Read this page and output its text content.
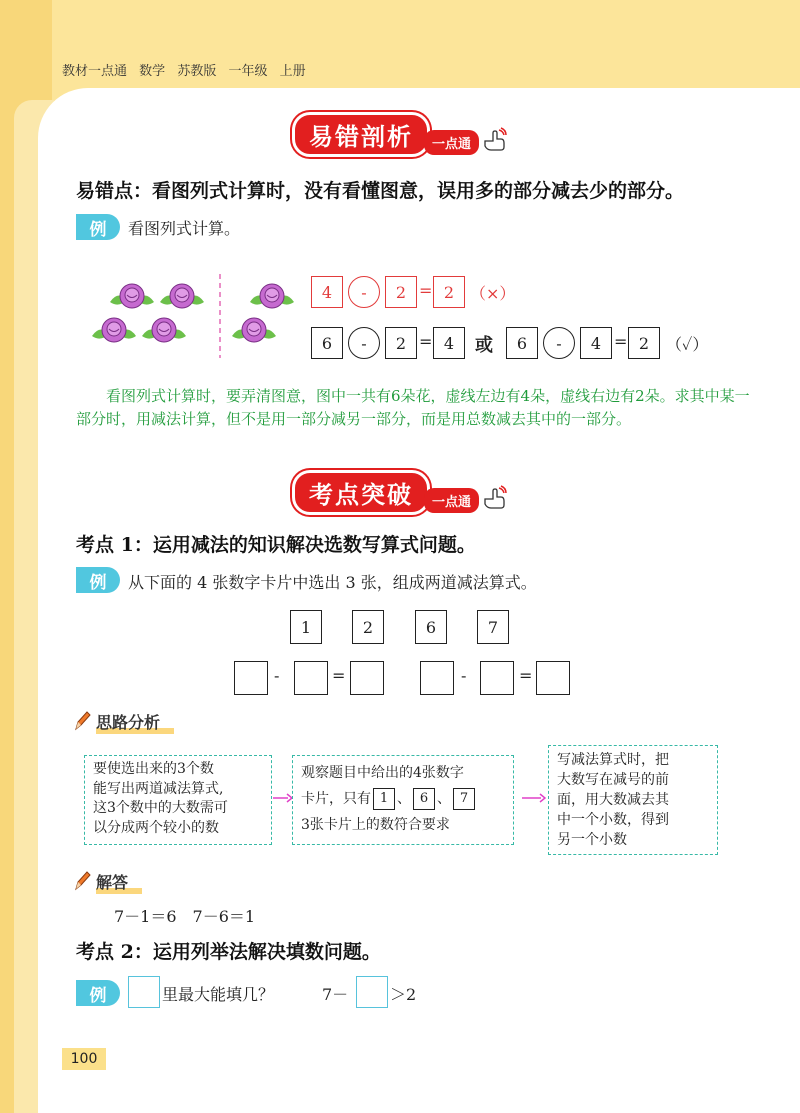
教材一点通 数学 苏教版 一年级 上册
易错剖析	一点通
易错点：看图列式计算时，没有看懂图意，误用多的部分减去少的部分。
例	看图列式计算。
4	-	2 = 2 （×）
6	-	2 = 4	或	6	-	4 = 2	（✓）
看图列式计算时，要弄清图意，图中一共有6朵花，虚线左边有4朵，虚线右边有2朵。求其中某一部分时，用减法计算，但不是用一部分减另一部分，而是用总数减去其中的一部分。
考点突破	一点通
考点 1：运用减法的知识解决选数写算式问题。
例	从下面的 4 张数字卡片中选出 3 张，组成两道减法算式。
1	2	6	7
-	=	-	=
思路分析
要使选出来的3个数
能写出两道减法算式,
这3个数中的大数需可
以分成两个较小的数
观察题目中给出的4张数字
卡片，只有 1 、 6 、 7
3张卡片上的数符合要求
写减法算式时，把
大数写在减号的前
面，用大数减去其
中一个小数，得到
另一个小数
解答
7－1＝6　7－6＝1
考点 2：运用列举法解决填数问题。
例	里最大能填几？	7－	＞2
100
